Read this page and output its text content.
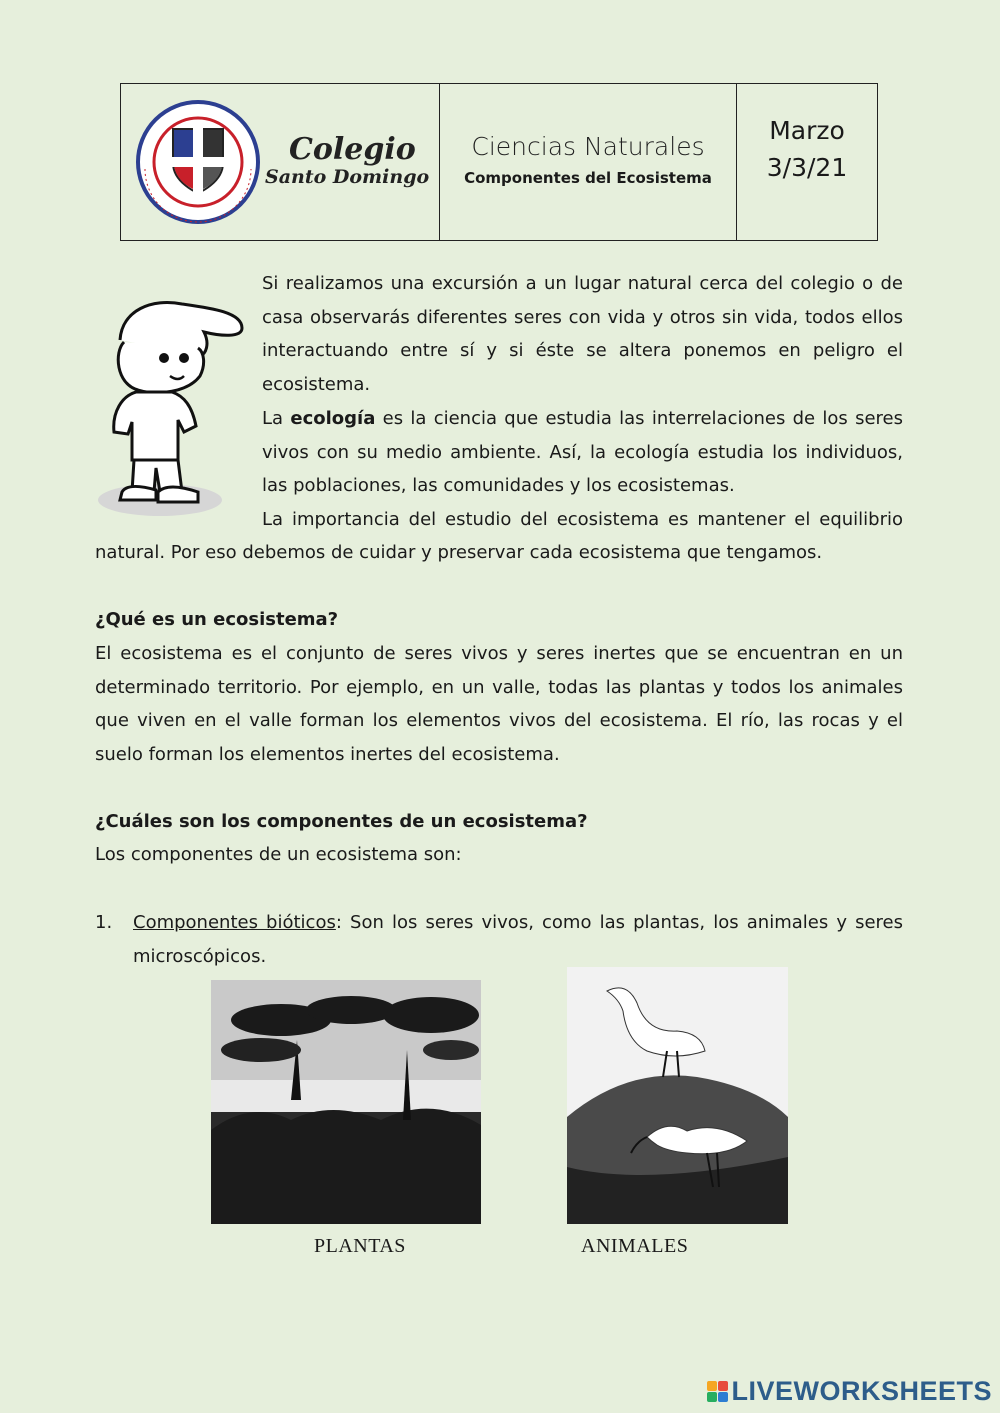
Colegio
Santo Domingo
Ciencias Naturales
Componentes del Ecosistema
Marzo
3/3/21

Si realizamos una excursión a un lugar natural cerca del colegio o de casa observarás diferentes seres con vida y otros sin vida, todos ellos interactuando entre sí y si éste se altera ponemos en peligro el ecosistema.

La ecología es la ciencia que estudia las interrelaciones de los seres vivos con su medio ambiente. Así, la ecología estudia los individuos, las poblaciones, las comunidades y los ecosistemas.

La importancia del estudio del ecosistema es mantener el equilibrio

natural. Por eso debemos de cuidar y preservar cada ecosistema que tengamos.

¿Qué es un ecosistema?

El ecosistema es el conjunto de seres vivos y seres inertes que se encuentran en un determinado territorio. Por ejemplo, en un valle, todas las plantas y todos los animales que viven en el valle forman los elementos vivos del ecosistema. El río, las rocas y el suelo forman los elementos inertes del ecosistema.

¿Cuáles son los componentes de un ecosistema?
Los componentes de un ecosistema son:
1. Componentes bióticos: Son los seres vivos, como las plantas, los animales y seres microscópicos.

PLANTAS	ANIMALES
LIVE WORKSHEETS
